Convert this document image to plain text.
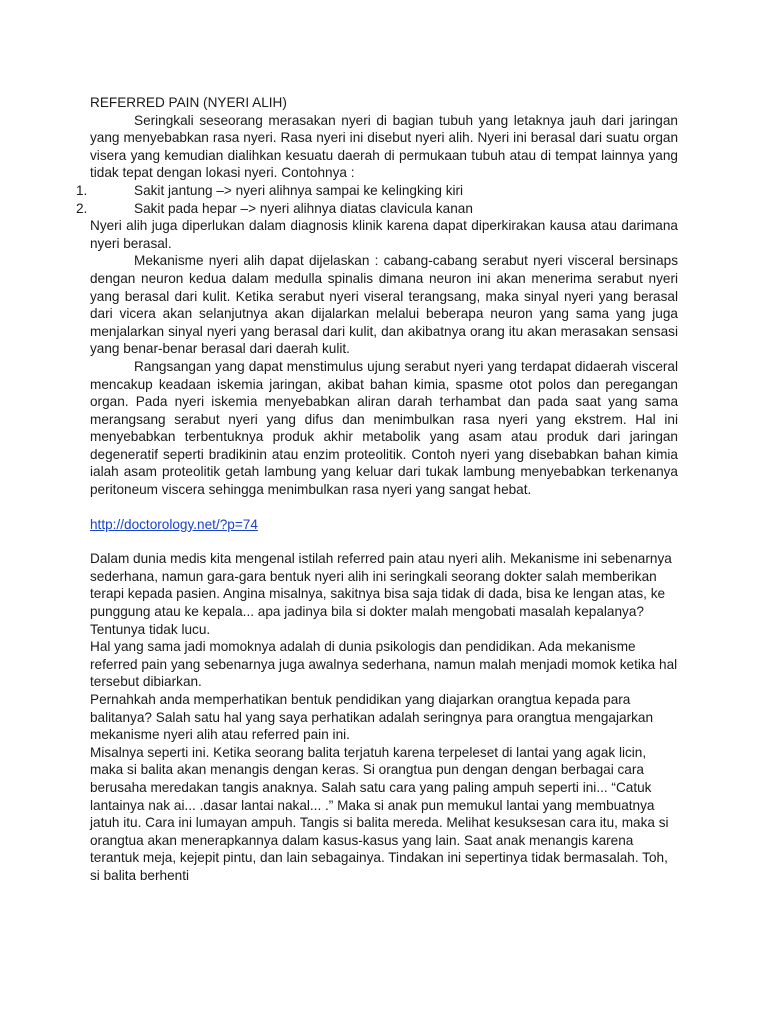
REFERRED PAIN (NYERI ALIH)

Seringkali seseorang merasakan nyeri di bagian tubuh yang letaknya jauh dari jaringan yang menyebabkan rasa nyeri. Rasa nyeri ini disebut nyeri alih. Nyeri ini berasal dari suatu organ visera yang kemudian dialihkan kesuatu daerah di permukaan tubuh atau di tempat lainnya yang tidak tepat dengan lokasi nyeri. Contohnya :

1.	Sakit jantung –> nyeri alihnya sampai ke kelingking kiri
2.	Sakit pada hepar –> nyeri alihnya diatas clavicula kanan

Nyeri alih juga diperlukan dalam diagnosis klinik karena dapat diperkirakan kausa atau darimana nyeri berasal.

Mekanisme nyeri alih dapat dijelaskan : cabang-cabang serabut nyeri visceral bersinaps dengan neuron kedua dalam medulla spinalis dimana neuron ini akan menerima serabut nyeri yang berasal dari kulit. Ketika serabut nyeri viseral terangsang, maka sinyal nyeri yang berasal dari vicera akan selanjutnya akan dijalarkan melalui beberapa neuron yang sama yang juga menjalarkan sinyal nyeri yang berasal dari kulit, dan akibatnya orang itu akan merasakan sensasi yang benar-benar berasal dari daerah kulit.

Rangsangan yang dapat menstimulus ujung serabut nyeri yang terdapat didaerah visceral mencakup keadaan iskemia jaringan, akibat bahan kimia, spasme otot polos dan peregangan organ. Pada nyeri iskemia menyebabkan aliran darah terhambat dan pada saat yang sama merangsang serabut nyeri yang difus dan menimbulkan rasa nyeri yang ekstrem. Hal ini menyebabkan terbentuknya produk akhir metabolik yang asam atau produk dari jaringan degeneratif seperti bradikinin atau enzim proteolitik. Contoh nyeri yang disebabkan bahan kimia ialah asam proteolitik getah lambung yang keluar dari tukak lambung menyebabkan terkenanya peritoneum viscera sehingga menimbulkan rasa nyeri yang sangat hebat.

http://doctorology.net/?p=74

Dalam dunia medis kita mengenal istilah referred pain atau nyeri alih. Mekanisme ini sebenarnya sederhana, namun gara-gara bentuk nyeri alih ini seringkali seorang dokter salah memberikan terapi kepada pasien. Angina misalnya, sakitnya bisa saja tidak di dada, bisa ke lengan atas, ke punggung atau ke kepala... apa jadinya bila si dokter malah mengobati masalah kepalanya? Tentunya tidak lucu.

Hal yang sama jadi momoknya adalah di dunia psikologis dan pendidikan. Ada mekanisme referred pain yang sebenarnya juga awalnya sederhana, namun malah menjadi momok ketika hal tersebut dibiarkan.

Pernahkah anda memperhatikan bentuk pendidikan yang diajarkan orangtua kepada para balitanya? Salah satu hal yang saya perhatikan adalah seringnya para orangtua mengajarkan mekanisme nyeri alih atau referred pain ini.

Misalnya seperti ini. Ketika seorang balita terjatuh karena terpeleset di lantai yang agak licin, maka si balita akan menangis dengan keras. Si orangtua pun dengan dengan berbagai cara berusaha meredakan tangis anaknya. Salah satu cara yang paling ampuh seperti ini... “Catuk lantainya nak ai... .dasar lantai nakal... .” Maka si anak pun memukul lantai yang membuatnya jatuh itu. Cara ini lumayan ampuh. Tangis si balita mereda. Melihat kesuksesan cara itu, maka si orangtua akan menerapkannya dalam kasus-kasus yang lain. Saat anak menangis karena terantuk meja, kejepit pintu, dan lain sebagainya. Tindakan ini sepertinya tidak bermasalah. Toh, si balita berhenti
